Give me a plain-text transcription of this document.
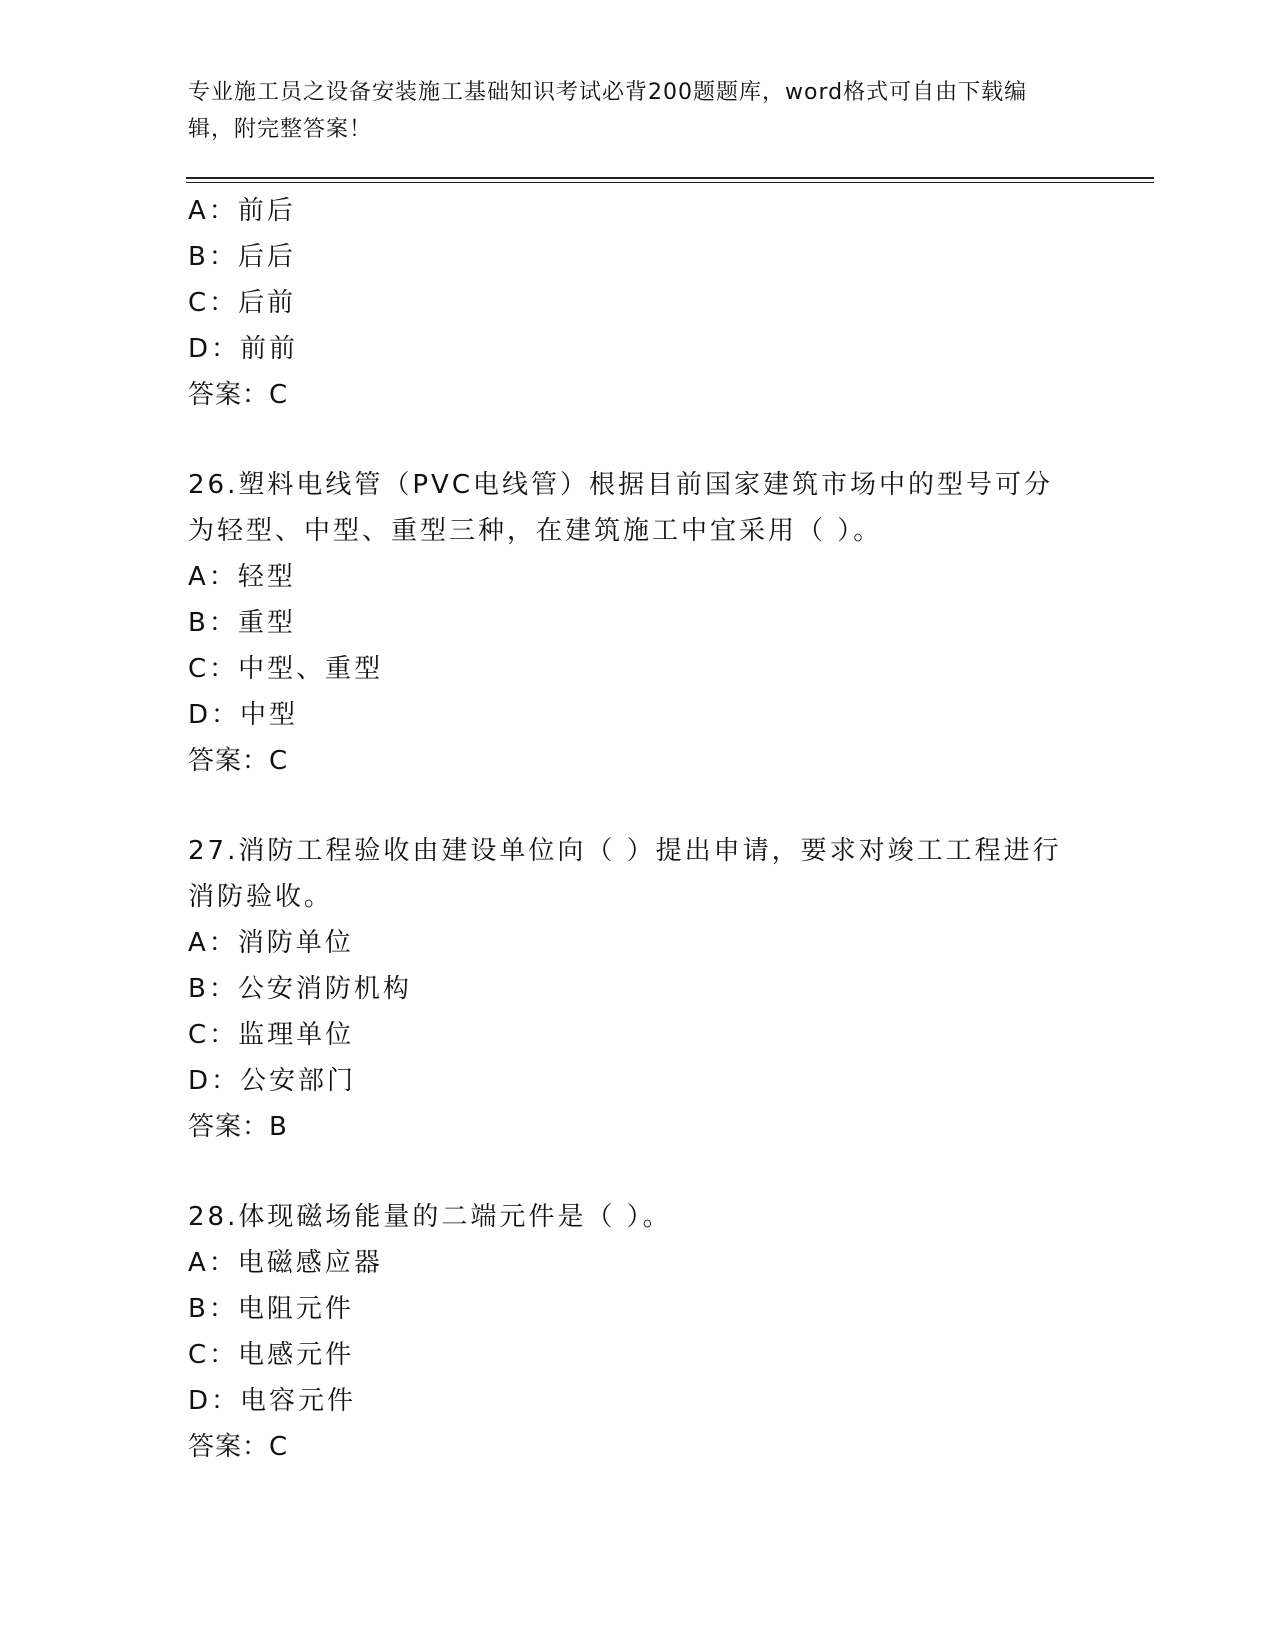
专业施工员之设备安装施工基础知识考试必背200题题库，word格式可自由下载编辑，附完整答案！
A：前后
B：后后
C：后前
D：前前
答案：C
26.塑料电线管（PVC电线管）根据目前国家建筑市场中的型号可分为轻型、中型、重型三种，在建筑施工中宜采用（ ）。
A：轻型
B：重型
C：中型、重型
D：中型
答案：C
27.消防工程验收由建设单位向（ ）提出申请，要求对竣工工程进行消防验收。
A：消防单位
B：公安消防机构
C：监理单位
D：公安部门
答案：B
28.体现磁场能量的二端元件是（ ）。
A：电磁感应器
B：电阻元件
C：电感元件
D：电容元件
答案：C
